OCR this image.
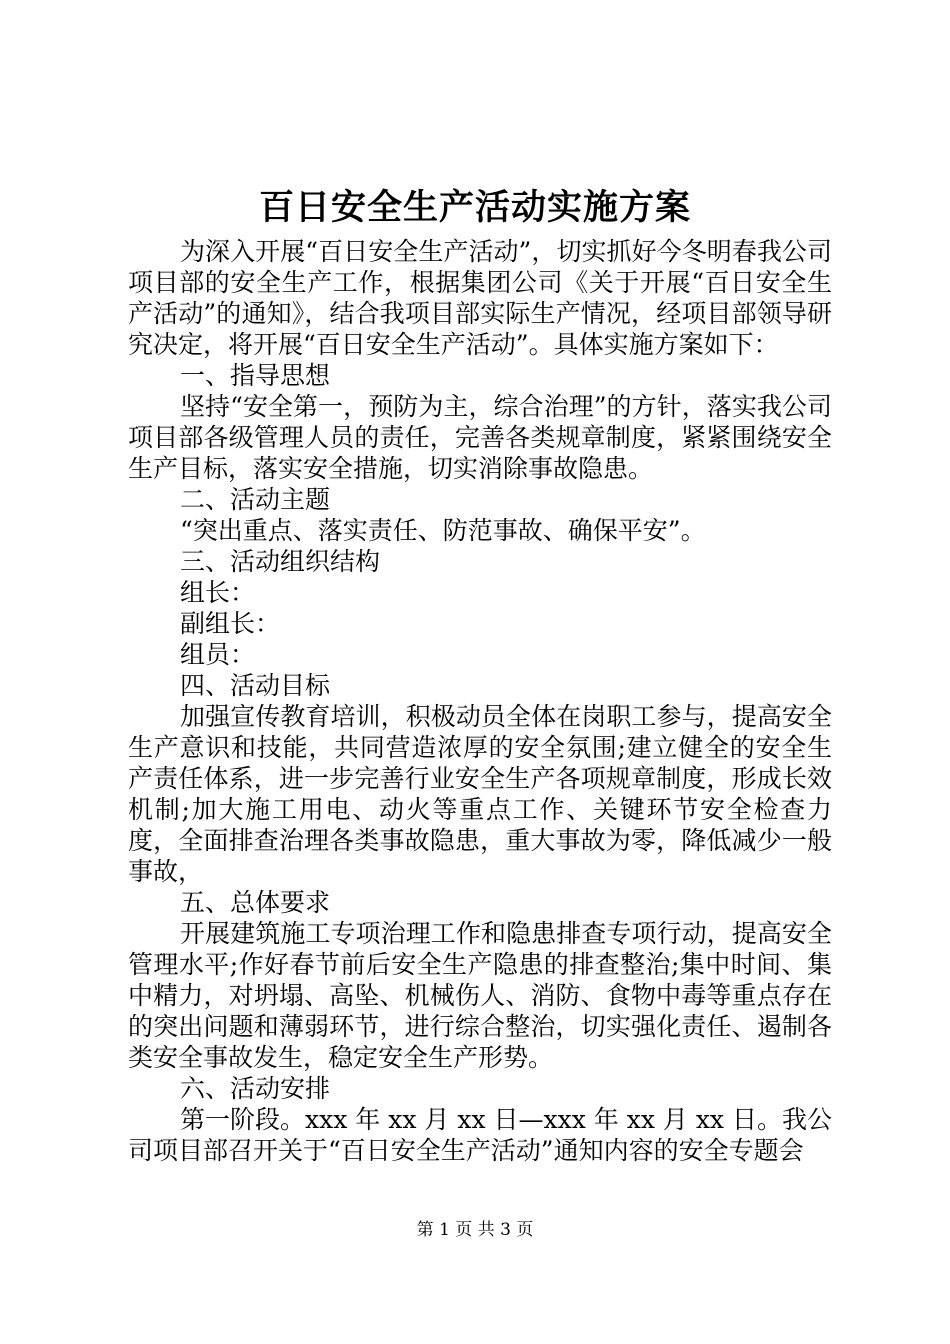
百日安全生产活动实施方案

为深入开展“百日安全生产活动”，切实抓好今冬明春我公司项目部的安全生产工作，根据集团公司《关于开展“百日安全生产活动”的通知》，结合我项目部实际生产情况，经项目部领导研究决定，将开展“百日安全生产活动”。具体实施方案如下：

一、指导思想

坚持“安全第一，预防为主，综合治理”的方针，落实我公司项目部各级管理人员的责任，完善各类规章制度，紧紧围绕安全生产目标，落实安全措施，切实消除事故隐患。

二、活动主题

“突出重点、落实责任、防范事故、确保平安”。

三、活动组织结构

组长：

副组长：

组员：

四、活动目标

加强宣传教育培训，积极动员全体在岗职工参与，提高安全生产意识和技能，共同营造浓厚的安全氛围;建立健全的安全生产责任体系，进一步完善行业安全生产各项规章制度，形成长效机制;加大施工用电、动火等重点工作、关键环节安全检查力度，全面排查治理各类事故隐患，重大事故为零，降低减少一般事故，

五、总体要求

开展建筑施工专项治理工作和隐患排查专项行动，提高安全管理水平;作好春节前后安全生产隐患的排查整治;集中时间、集中精力，对坍塌、高坠、机械伤人、消防、食物中毒等重点存在的突出问题和薄弱环节，进行综合整治，切实强化责任、遏制各类安全事故发生，稳定安全生产形势。

六、活动安排

第一阶段。xxx 年 xx 月 xx 日—xxx 年 xx 月 xx 日。我公司项目部召开关于“百日安全生产活动”通知内容的安全专题会

第 1 页 共 3 页
